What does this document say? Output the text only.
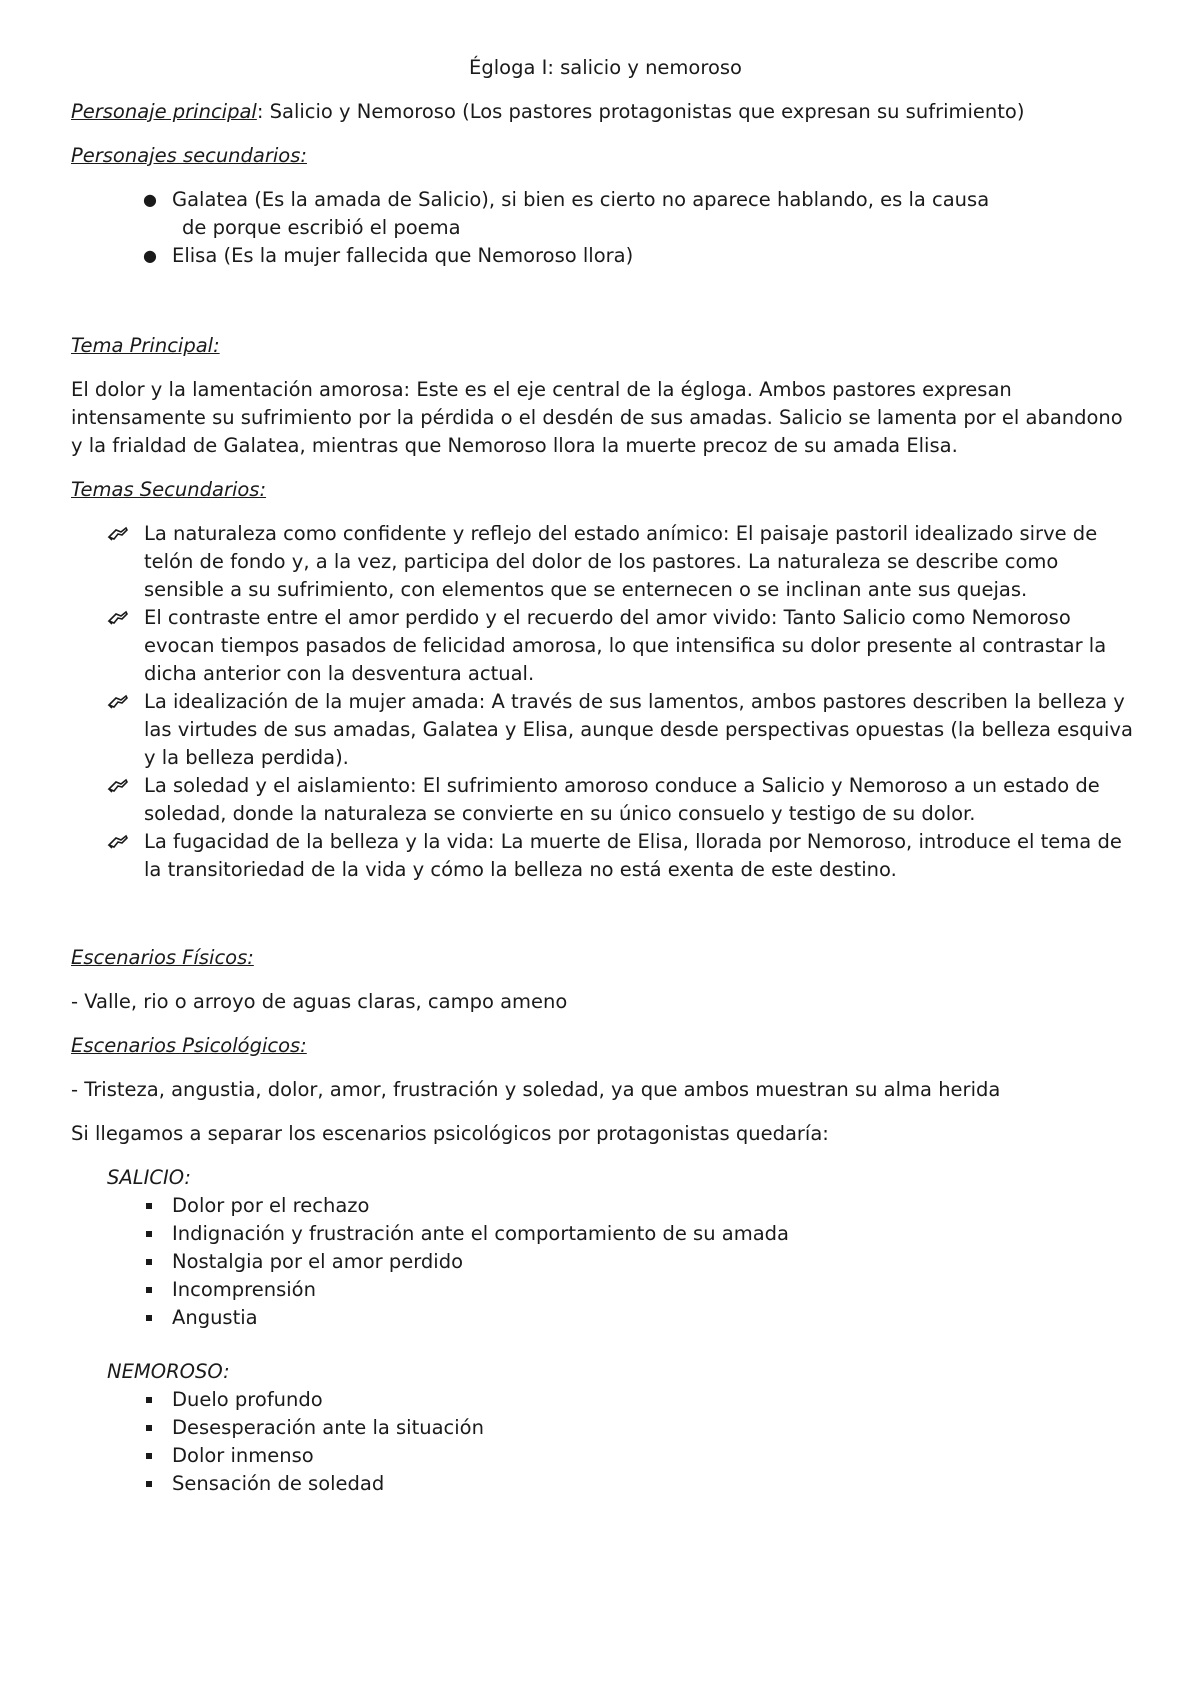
Égloga I: salicio y nemoroso

Personaje principal: Salicio y Nemoroso (Los pastores protagonistas que expresan su sufrimiento)

Personajes secundarios:

● Galatea (Es la amada de Salicio), si bien es cierto no aparece hablando, es la causa
de porque escribió el poema
● Elisa (Es la mujer fallecida que Nemoroso llora)

Tema Principal:

El dolor y la lamentación amorosa: Este es el eje central de la égloga. Ambos pastores expresan intensamente su sufrimiento por la pérdida o el desdén de sus amadas. Salicio se lamenta por el abandono y la frialdad de Galatea, mientras que Nemoroso llora la muerte precoz de su amada Elisa.

Temas Secundarios:

La naturaleza como confidente y reflejo del estado anímico: El paisaje pastoril idealizado sirve de telón de fondo y, a la vez, participa del dolor de los pastores. La naturaleza se describe como sensible a su sufrimiento, con elementos que se enternecen o se inclinan ante sus quejas.
El contraste entre el amor perdido y el recuerdo del amor vivido: Tanto Salicio como Nemoroso evocan tiempos pasados de felicidad amorosa, lo que intensifica su dolor presente al contrastar la dicha anterior con la desventura actual.
La idealización de la mujer amada: A través de sus lamentos, ambos pastores describen la belleza y las virtudes de sus amadas, Galatea y Elisa, aunque desde perspectivas opuestas (la belleza esquiva y la belleza perdida).
La soledad y el aislamiento: El sufrimiento amoroso conduce a Salicio y Nemoroso a un estado de soledad, donde la naturaleza se convierte en su único consuelo y testigo de su dolor.
La fugacidad de la belleza y la vida: La muerte de Elisa, llorada por Nemoroso, introduce el tema de la transitoriedad de la vida y cómo la belleza no está exenta de este destino.

Escenarios Físicos:

- Valle, rio o arroyo de aguas claras, campo ameno

Escenarios Psicológicos:

- Tristeza, angustia, dolor, amor, frustración y soledad, ya que ambos muestran su alma herida

Si llegamos a separar los escenarios psicológicos por protagonistas quedaría:

SALICIO:

Dolor por el rechazo
Indignación y frustración ante el comportamiento de su amada
Nostalgia por el amor perdido
Incomprensión
Angustia

NEMOROSO:

Duelo profundo
Desesperación ante la situación
Dolor inmenso
Sensación de soledad
